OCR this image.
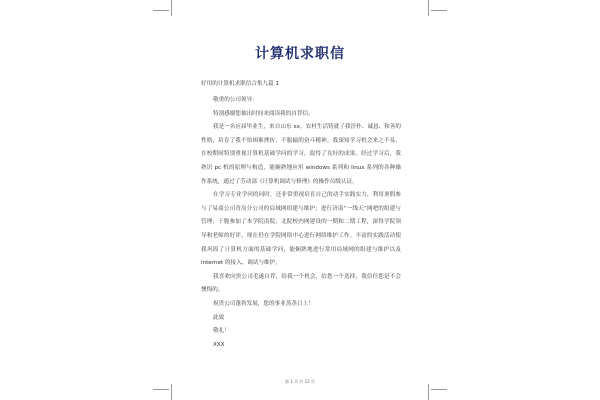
计算机求职信

好用的计算机求职信合集九篇 1

敬重的公司领导：

特别感谢您抽出时间来阅读我的自荐信。

我是一名应届毕业生，来自山东 xx，农村生活铸就了我淳朴、诚恳、和善的性格，培育了我不怕困难挫折，不服输的奋斗精神。我深知学习机会来之不易，在校期间特别重视计算机基础学问的学习，取得了良好的成果。经过学习后，我熟识 pc 机的原理与构造，能娴熟地应用 windows 系列和 linux 系列的各种操作系统，通过了劳动部《计算机调试与修理》的操作员级认证。

在学习专业学问的同时，还非常重视培育自己的动手实践实力，利用暑假参与了易商公司青岛分公司的局域网组建与维护；进行济南“一线天”网吧的组建与管理；干脆参加了本学院南院、北院校内网建设的一期和二期工程，深得学院领导和老师的好评。现在仍在学院网络中心进行网络维护工作。丰富的实践活动使我巩固了计算机方面的基础学问，能娴熟地进行常用局域网的组建与维护以及 internet 的接入、调试与维护。

我喜欢向贵公司毛遂自荐，给我一个机会，给您一个选择，我信任您是不会懊悔的。

祝贵公司蓬勃发展，您的事业蒸蒸日上！

此致

敬礼！

XXX

第 1 页 共 12 页
